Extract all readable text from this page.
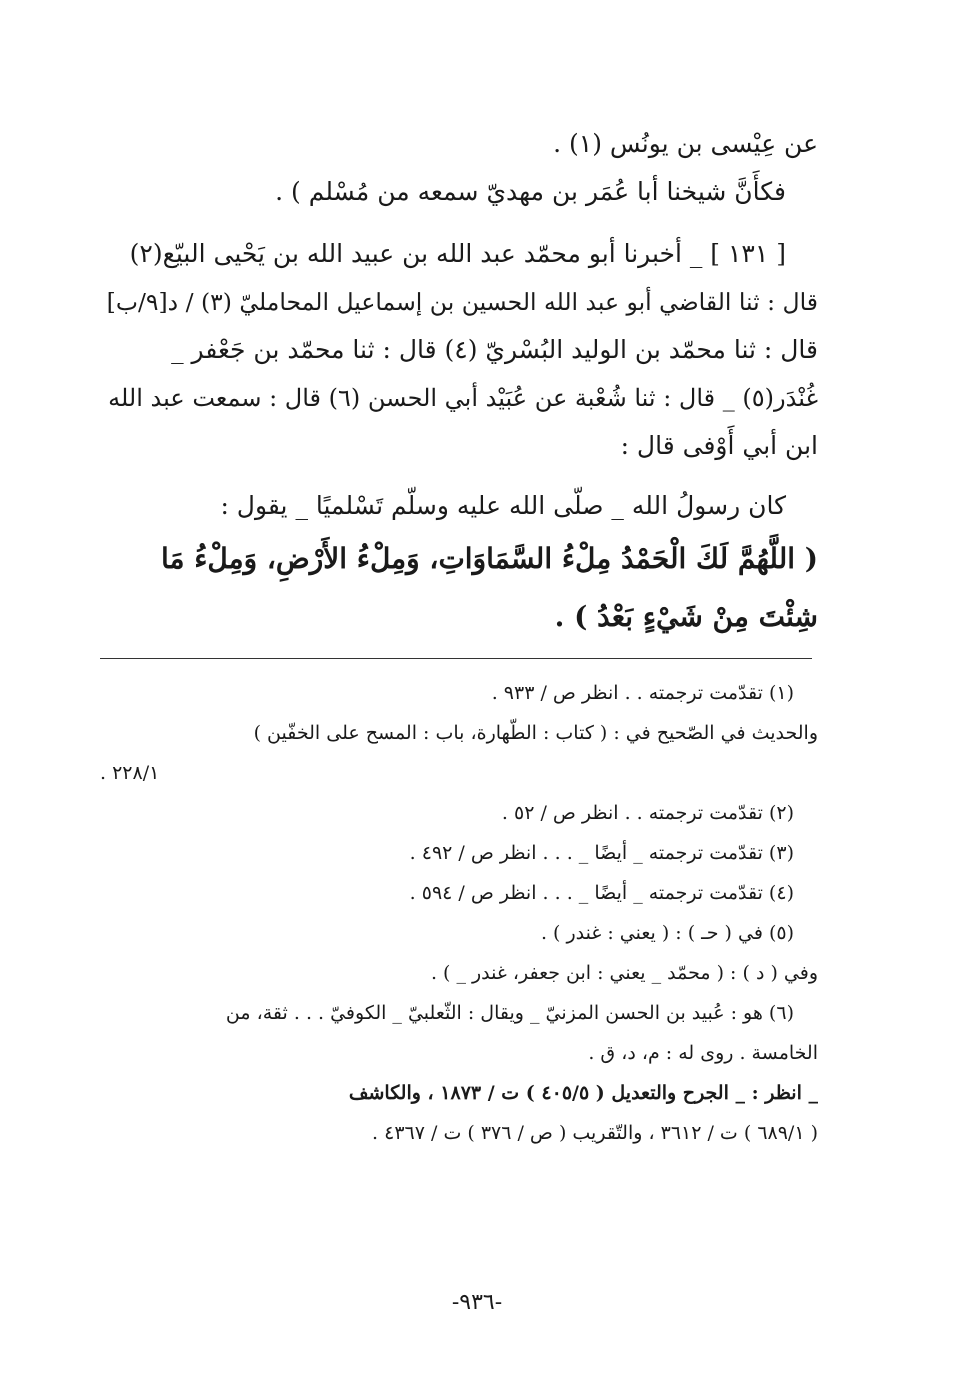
عن عِيْسى بن يونُس (١) .
فكأَنَّ شيخنا أبا عُمَر بن مهديّ سمعه من مُسْلم ) .
[ ١٣١ ] _ أخبرنا أبو محمّد عبد الله بن عبيد الله بن يَحْيى البيّع(٢)
قال : ثنا القاضي أبو عبد الله الحسين بن إسماعيل المحامليّ (٣) / د[٩/ب]
قال : ثنا محمّد بن الوليد البُسْريّ (٤) قال : ثنا محمّد بن جَعْفر _
غُنْدَر(٥) _ قال : ثنا شُعْبة عن عُبَيْد أبي الحسن (٦) قال : سمعت عبد الله
ابن أبي أَوْفى قال :
كان رسولُ الله _ صلّى الله عليه وسلّم تَسْلميًا _ يقول :
( اللَّهُمَّ لَكَ الْحَمْدُ مِلْءُ السَّمَاوَاتِ، وَمِلْءُ الأَرْضِ، وَمِلْءُ مَا
شِئْتَ مِنْ شَيْءٍ بَعْدُ ) .
(١) تقدّمت ترجمته . . انظر ص / ٩٣٣ .
والحديث في الصّحيح في : ( كتاب : الطّهارة، باب : المسح على الخفّين )
. ٢٢٨/١
(٢) تقدّمت ترجمته . . انظر ص / ٥٢ .
(٣) تقدّمت ترجمته _ أيضًا _ . . . انظر ص / ٤٩٢ .
(٤) تقدّمت ترجمته _ أيضًا _ . . . انظر ص / ٥٩٤ .
(٥) في ( حـ ) : ( يعني : غندر ) .
وفي ( د ) : ( محمّد _ يعني : ابن جعفر، غندر _ ) .
(٦) هو : عُبيد بن الحسن المزنيّ _ ويقال : الثّعلبيّ _ الكوفيّ . . . ثقة، من
الخامسة . روى له : م، د، ق .
_ انظر : _ الجرح والتعديل ( ٤٠٥/٥ ) ت / ١٨٧٣ ، والكاشف
( ٦٨٩/١ ) ت / ٣٦١٢ ، والتّقريب ( ص / ٣٧٦ ) ت / ٤٣٦٧ .
-٩٣٦-
